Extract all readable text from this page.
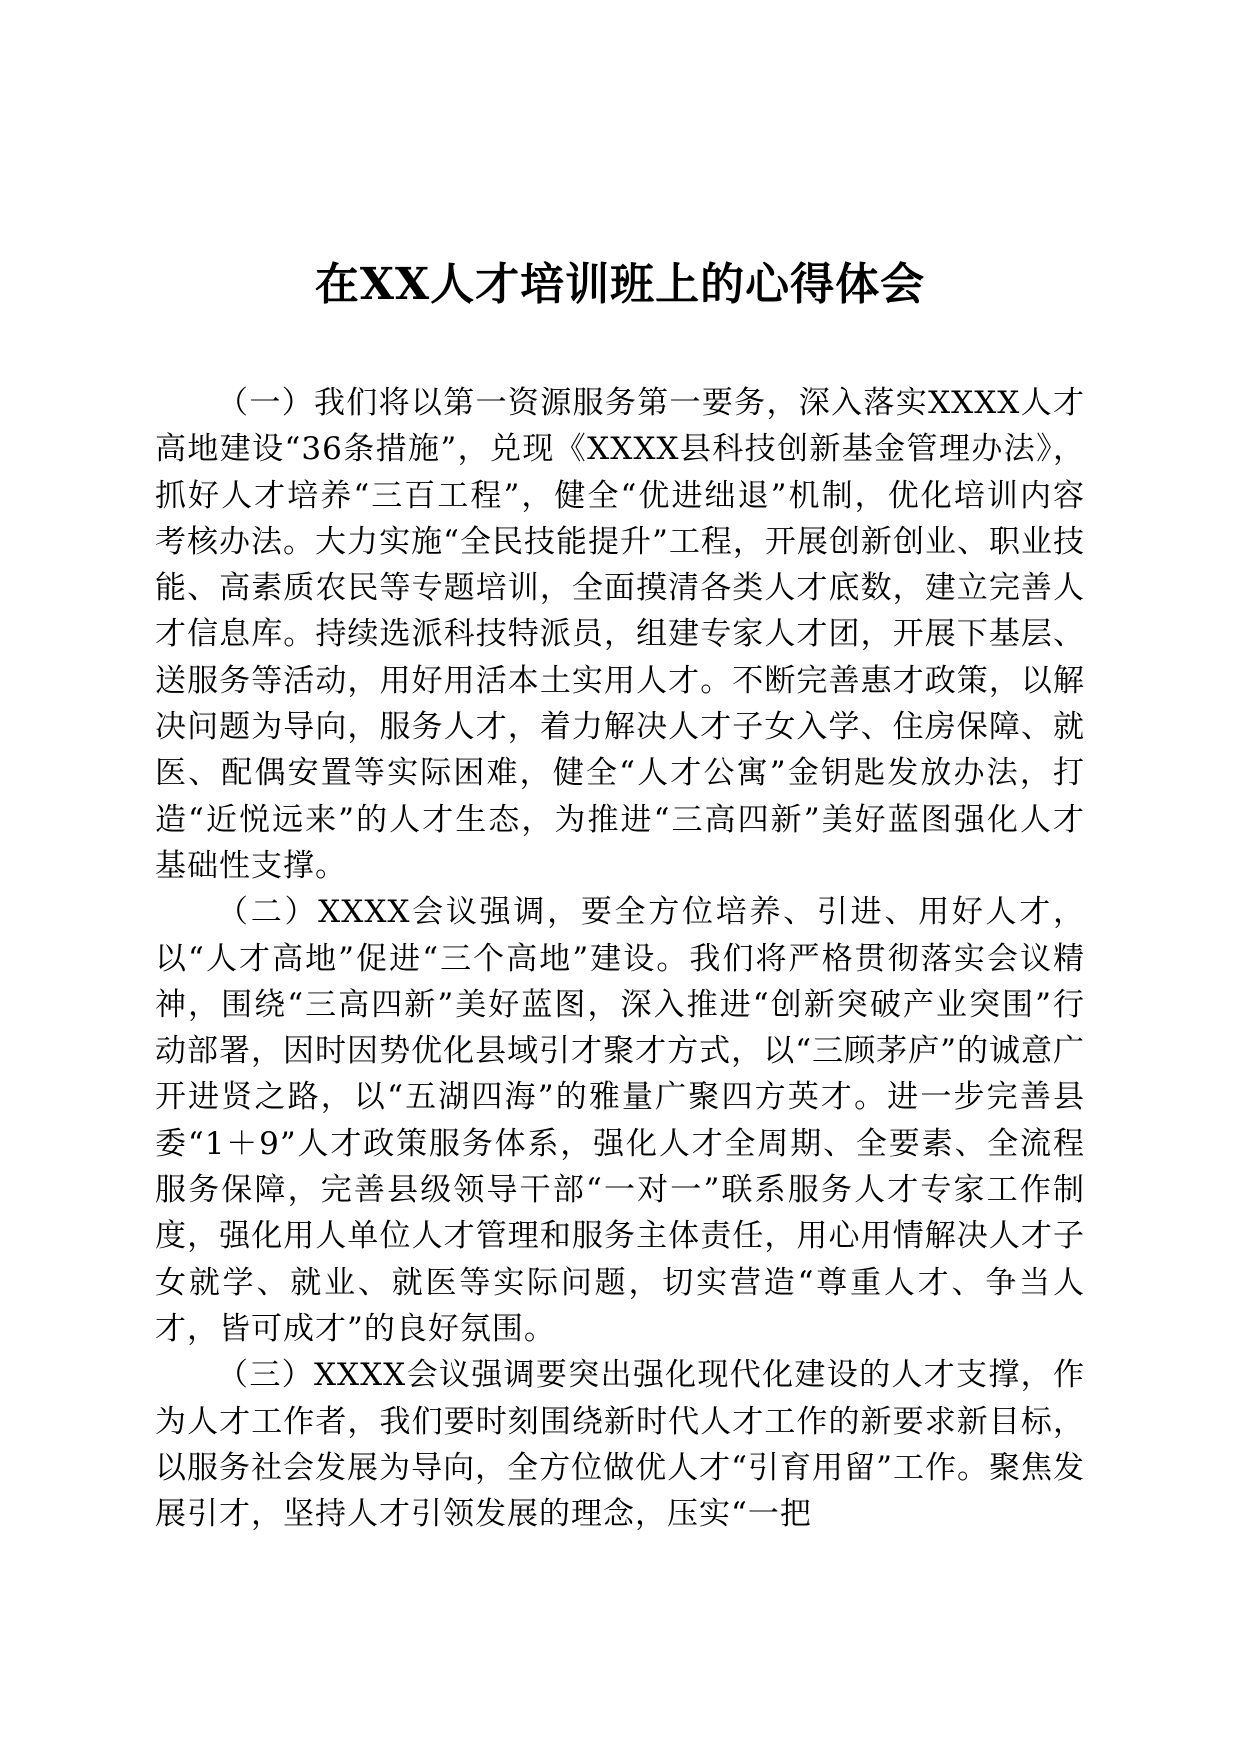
在XX人才培训班上的心得体会

（一）我们将以第一资源服务第一要务，深入落实XXXX人才高地建设“36条措施”，兑现《XXXX县科技创新基金管理办法》，抓好人才培养“三百工程”，健全“优进绌退”机制，优化培训内容考核办法。大力实施“全民技能提升”工程，开展创新创业、职业技能、高素质农民等专题培训，全面摸清各类人才底数，建立完善人才信息库。持续选派科技特派员，组建专家人才团，开展下基层、送服务等活动，用好用活本土实用人才。不断完善惠才政策，以解决问题为导向，服务人才，着力解决人才子女入学、住房保障、就医、配偶安置等实际困难，健全“人才公寓”金钥匙发放办法，打造“近悦远来”的人才生态，为推进“三高四新”美好蓝图强化人才基础性支撑。

（二）XXXX会议强调，要全方位培养、引进、用好人才，以“人才高地”促进“三个高地”建设。我们将严格贯彻落实会议精神，围绕“三高四新”美好蓝图，深入推进“创新突破产业突围”行动部署，因时因势优化县域引才聚才方式，以“三顾茅庐”的诚意广开进贤之路，以“五湖四海”的雅量广聚四方英才。进一步完善县委“1＋9”人才政策服务体系，强化人才全周期、全要素、全流程服务保障，完善县级领导干部“一对一”联系服务人才专家工作制度，强化用人单位人才管理和服务主体责任，用心用情解决人才子女就学、就业、就医等实际问题，切实营造“尊重人才、争当人才，皆可成才”的良好氛围。

（三）XXXX会议强调要突出强化现代化建设的人才支撑，作为人才工作者，我们要时刻围绕新时代人才工作的新要求新目标，以服务社会发展为导向，全方位做优人才“引育用留”工作。聚焦发展引才，坚持人才引领发展的理念，压实“一把
